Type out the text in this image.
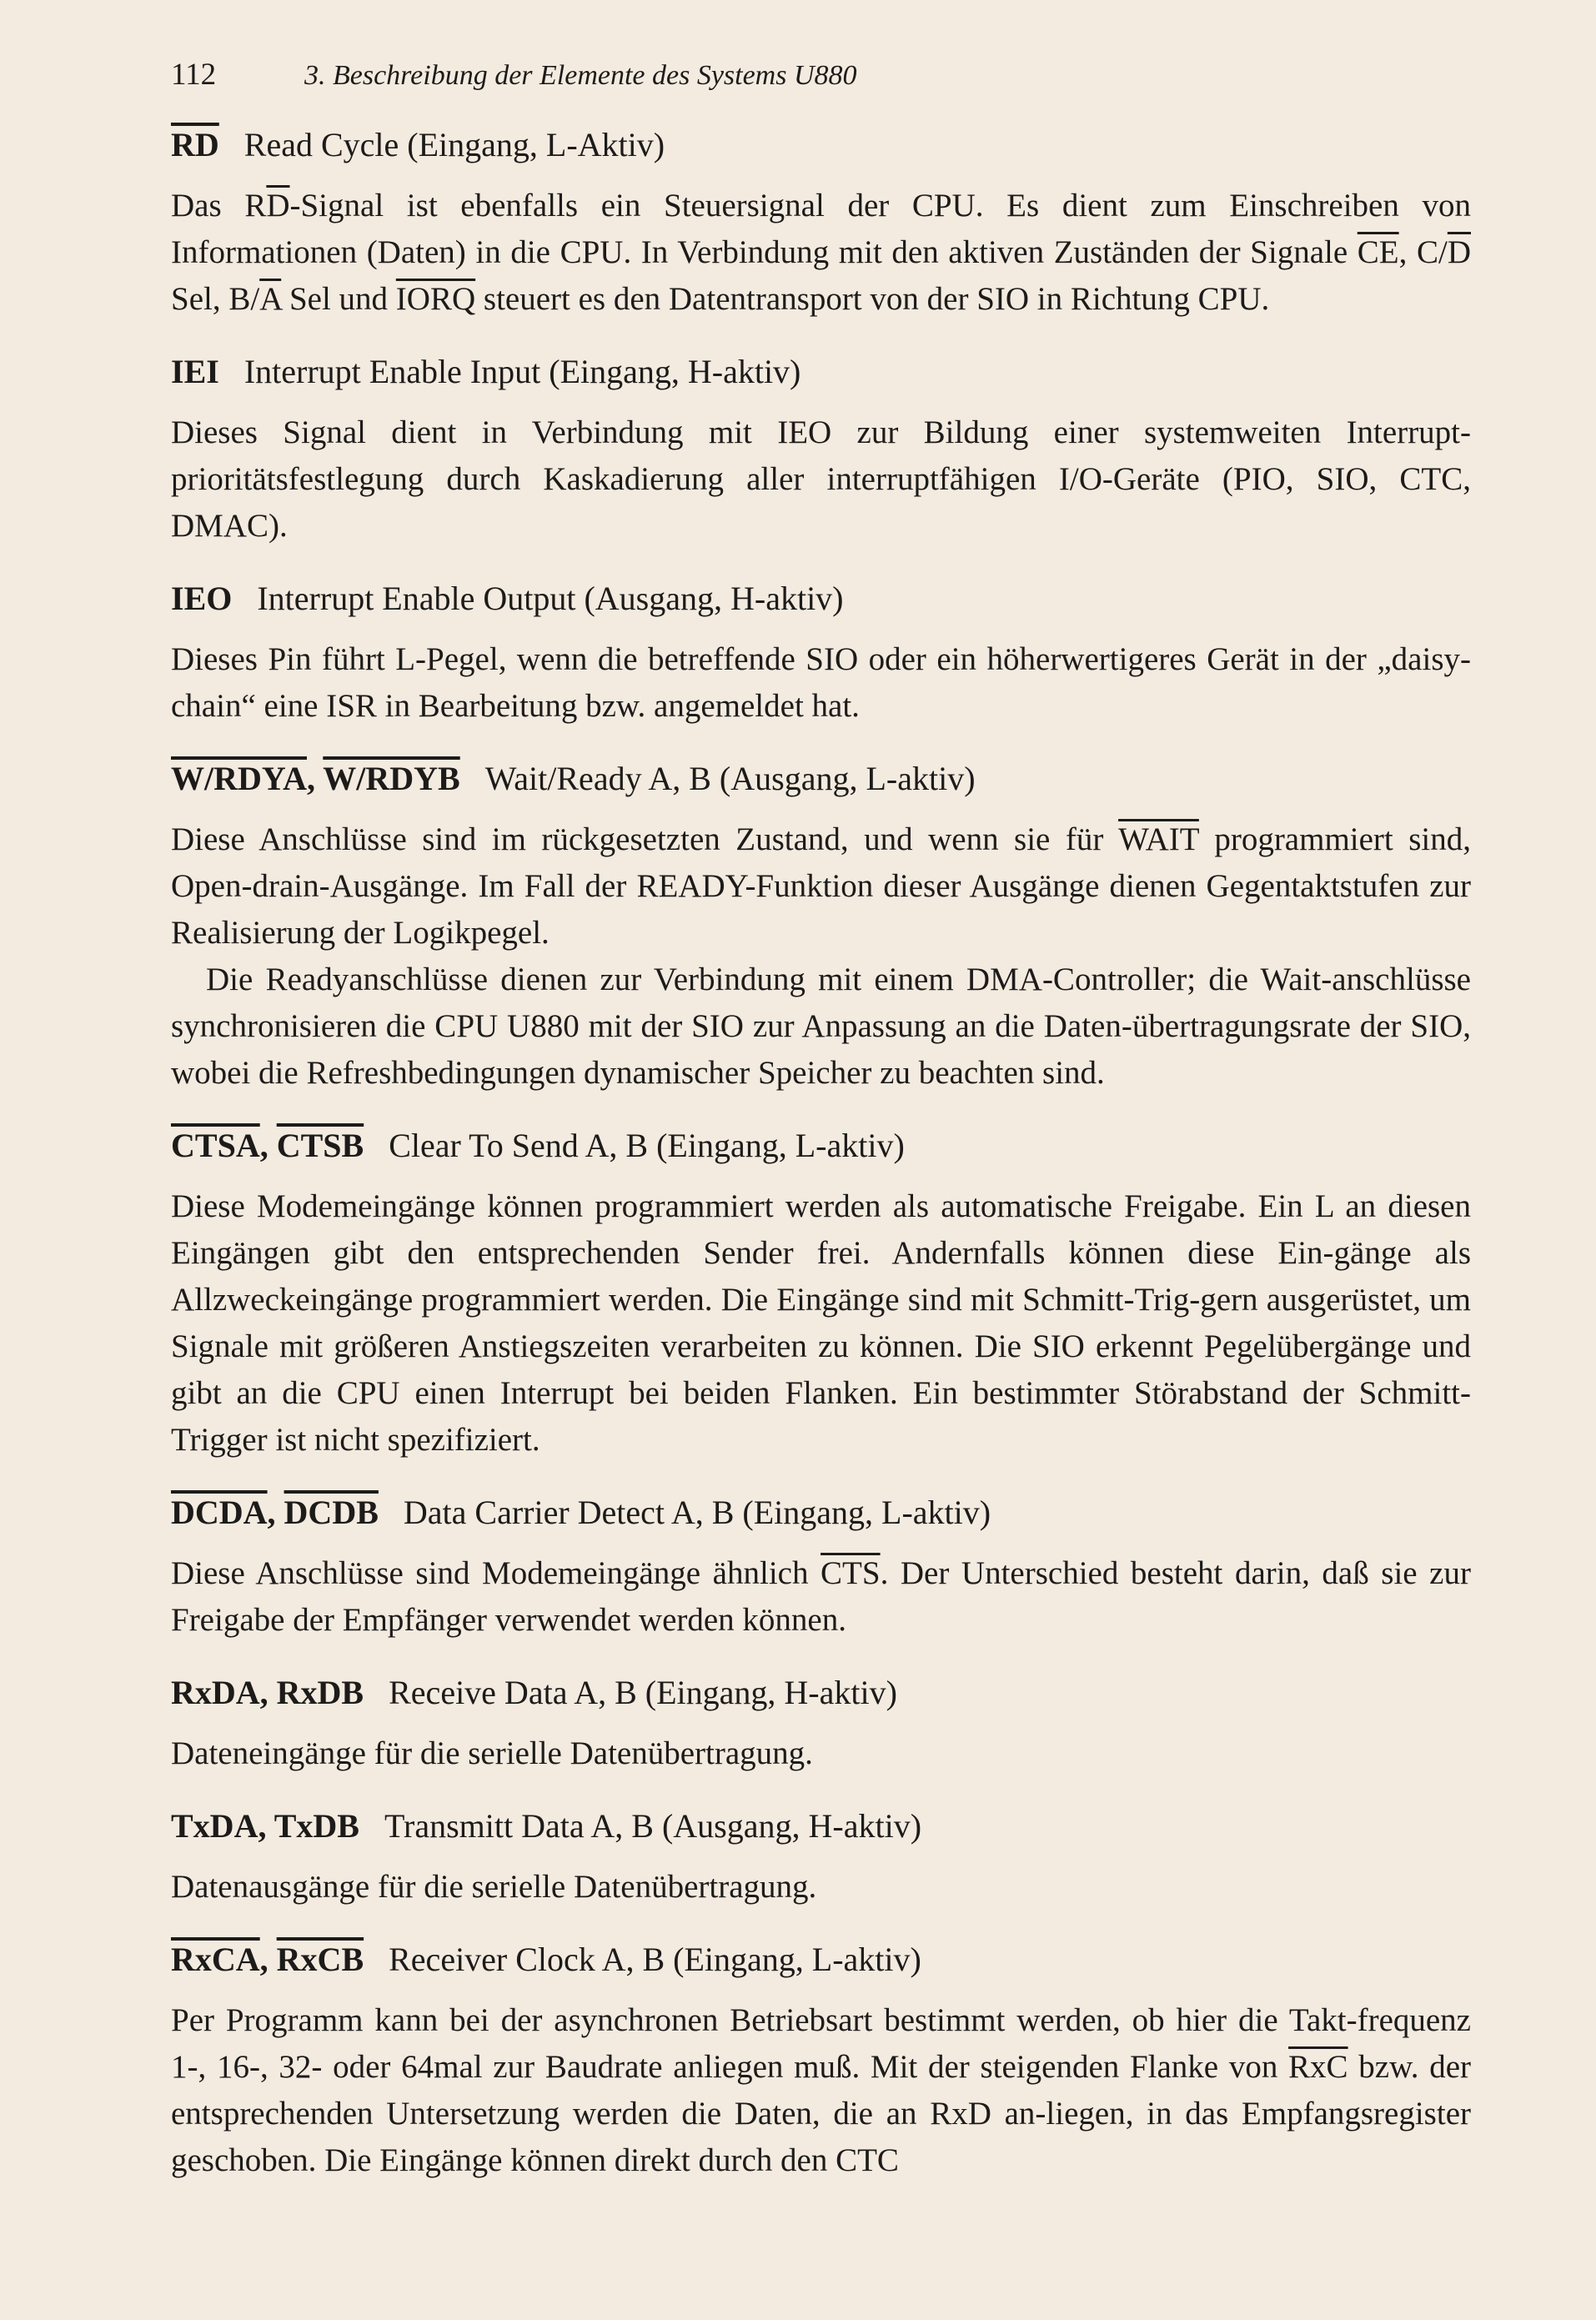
112	3. Beschreibung der Elemente des Systems U880
$\overline{RD}$ Read Cycle (Eingang, L-Aktiv)

Das $R\overline{D}$-Signal ist ebenfalls ein Steuersignal der CPU. Es dient zum Einschreiben von Informationen (Daten) in die CPU. In Verbindung mit den aktiven Zuständen der Signale $\overline{CE}$, $C/\overline{D}$ Sel, $B/\overline{A}$ Sel und IORQ steuert es den Datentransport von der SIO in Richtung CPU.

IEI Interrupt Enable Input (Eingang, H-aktiv)

Dieses Signal dient in Verbindung mit IEO zur Bildung einer systemweiten Interrupt-prioritätsfestlegung durch Kaskadierung aller interruptfähigen I/O-Geräte (PIO, SIO, CTC, DMAC).

IEO Interrupt Enable Output (Ausgang, H-aktiv)

Dieses Pin führt L-Pegel, wenn die betreffende SIO oder ein höherwertigeres Gerät in der „daisy-chain“ eine ISR in Bearbeitung bzw. angemeldet hat.

W/RDYA, W/RDYB Wait/Ready A, B (Ausgang, L-aktiv)

Diese Anschlüsse sind im rückgesetzten Zustand, und wenn sie für WAIT programmiert sind, Open-drain-Ausgänge. Im Fall der READY-Funktion dieser Ausgänge dienen Gegentaktstufen zur Realisierung der Logikpegel.

Die Readyanschlüsse dienen zur Verbindung mit einem DMA-Controller; die Wait-anschlüsse synchronisieren die CPU U880 mit der SIO zur Anpassung an die Daten-übertragungsrate der SIO, wobei die Refreshbedingungen dynamischer Speicher zu beachten sind.

CTSA, CTSB Clear To Send A, B (Eingang, L-aktiv)

Diese Modemeingänge können programmiert werden als automatische Freigabe. Ein L an diesen Eingängen gibt den entsprechenden Sender frei. Andernfalls können diese Ein-gänge als Allzweckeingänge programmiert werden. Die Eingänge sind mit Schmitt-Trig-gern ausgerüstet, um Signale mit größeren Anstiegszeiten verarbeiten zu können. Die SIO erkennt Pegelübergänge und gibt an die CPU einen Interrupt bei beiden Flanken. Ein bestimmter Störabstand der Schmitt-Trigger ist nicht spezifiziert.

DCDA, DCDB Data Carrier Detect A, B (Eingang, L-aktiv)

Diese Anschlüsse sind Modemeingänge ähnlich $\overline{CTS}$. Der Unterschied besteht darin, daß sie zur Freigabe der Empfänger verwendet werden können.

RxDA, RxDB Receive Data A, B (Eingang, H-aktiv)

Dateneingänge für die serielle Datenübertragung.

TxDA, TxDB Transmitt Data A, B (Ausgang, H-aktiv)

Datenausgänge für die serielle Datenübertragung.

RxCA, RxCB Receiver Clock A, B (Eingang, L-aktiv)

Per Programm kann bei der asynchronen Betriebsart bestimmt werden, ob hier die Takt-frequenz 1-, 16-, 32- oder 64mal zur Baudrate anliegen muß. Mit der steigenden Flanke von $\overline{RxC}$ bzw. der entsprechenden Untersetzung werden die Daten, die an RxD an-liegen, in das Empfangsregister geschoben. Die Eingänge können direkt durch den CTC
